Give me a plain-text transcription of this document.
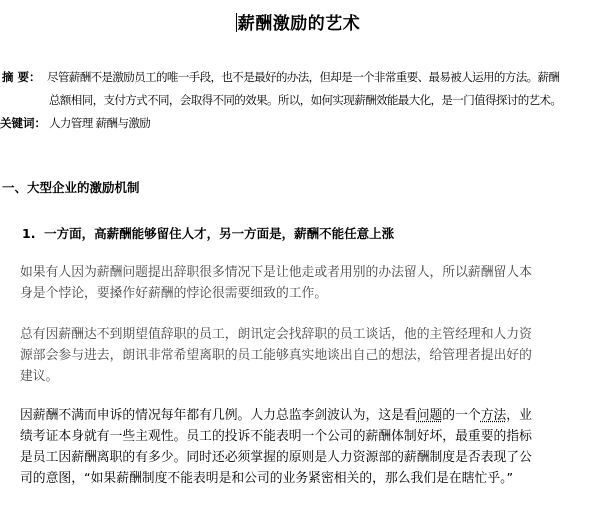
薪酬激励的艺术
摘 要： 尽管薪酬不是激励员工的唯一手段，也不是最好的办法，但却是一个非常重要、最易被人运用的方法。薪酬
总额相同，支付方式不同，会取得不同的效果。所以，如何实现薪酬效能最大化，是一门值得探讨的艺术。
关键词： 人力管理 薪酬与激励
一、大型企业的激励机制
1. 一方面，高薪酬能够留住人才，另一方面是，薪酬不能任意上涨

如果有人因为薪酬问题提出辞职很多情况下是让他走或者用别的办法留人，所以薪酬留人本
身是个悖论，要搡作好薪酬的悖论很需要细致的工作。

总有因薪酬达不到期望值辞职的员工，朗讯定会找辞职的员工谈话，他的主管经理和人力资
源部会参与进去，朗讯非常希望离职的员工能够真实地谈出自己的想法，给管理者提出好的
建议。

因薪酬不满而申诉的情况每年都有几例。人力总监李剑波认为，这是看问题的一个方法，业
绩考证本身就有一些主观性。员工的投诉不能表明一个公司的薪酬体制好坏，最重要的指标
是员工因薪酬离职的有多少。同时还必须掌握的原则是人力资源部的薪酬制度是否表现了公
司的意图，“如果薪酬制度不能表明是和公司的业务紧密相关的，那么我们是在瞎忙乎。”
